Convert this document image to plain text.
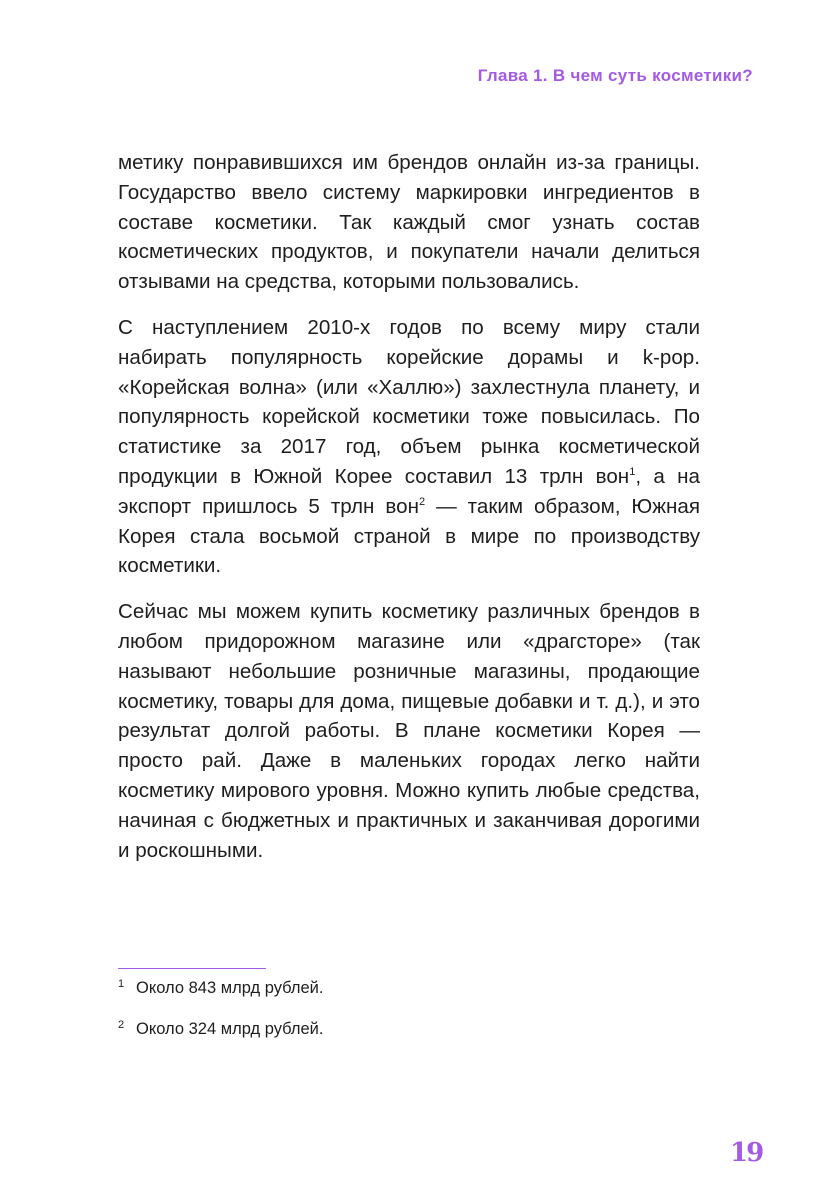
Глава 1. В чем суть косметики?

метику понравившихся им брендов онлайн из-за границы. Государство ввело систему маркировки ингредиентов в составе косметики. Так каждый смог узнать состав косметических продуктов, и покупатели начали делиться отзывами на средства, которыми пользовались.

С наступлением 2010-х годов по всему миру стали набирать популярность корейские дорамы и k-pop. «Корейская волна» (или «Халлю») захлестнула планету, и популярность корейской косметики тоже повысилась. По статистике за 2017 год, объем рынка косметической продукции в Южной Корее составил 13 трлн вон$^1$, а на экспорт пришлось 5 трлн вон$^2$ — таким образом, Южная Корея стала восьмой страной в мире по производству косметики.

Сейчас мы можем купить косметику различных брендов в любом придорожном магазине или «драгсторе» (так называют небольшие розничные магазины, продающие косметику, товары для дома, пищевые добавки и т. д.), и это результат долгой работы. В плане косметики Корея — просто рай. Даже в маленьких городах легко найти косметику мирового уровня. Можно купить любые средства, начиная с бюджетных и практичных и заканчивая дорогими и роскошными.

1 Около 843 млрд рублей.
2 Около 324 млрд рублей.
19
